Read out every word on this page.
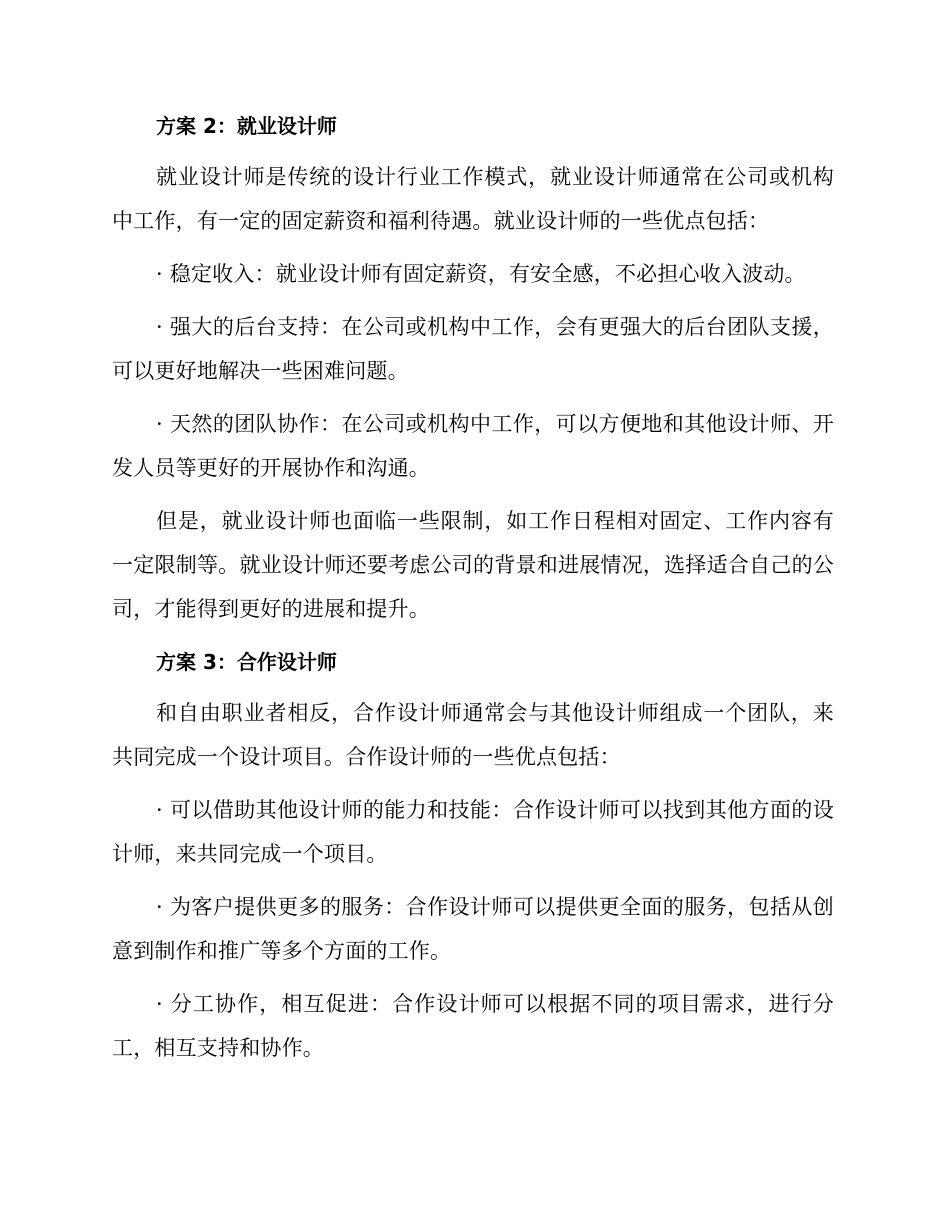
方案 2：就业设计师

就业设计师是传统的设计行业工作模式，就业设计师通常在公司或机构中工作，有一定的固定薪资和福利待遇。就业设计师的一些优点包括：

· 稳定收入：就业设计师有固定薪资，有安全感，不必担心收入波动。

· 强大的后台支持：在公司或机构中工作，会有更强大的后台团队支援，可以更好地解决一些困难问题。

· 天然的团队协作：在公司或机构中工作，可以方便地和其他设计师、开发人员等更好的开展协作和沟通。

但是，就业设计师也面临一些限制，如工作日程相对固定、工作内容有一定限制等。就业设计师还要考虑公司的背景和进展情况，选择适合自己的公司，才能得到更好的进展和提升。

方案 3：合作设计师

和自由职业者相反，合作设计师通常会与其他设计师组成一个团队，来共同完成一个设计项目。合作设计师的一些优点包括：

· 可以借助其他设计师的能力和技能：合作设计师可以找到其他方面的设计师，来共同完成一个项目。

· 为客户提供更多的服务：合作设计师可以提供更全面的服务，包括从创意到制作和推广等多个方面的工作。

· 分工协作，相互促进：合作设计师可以根据不同的项目需求，进行分工，相互支持和协作。
